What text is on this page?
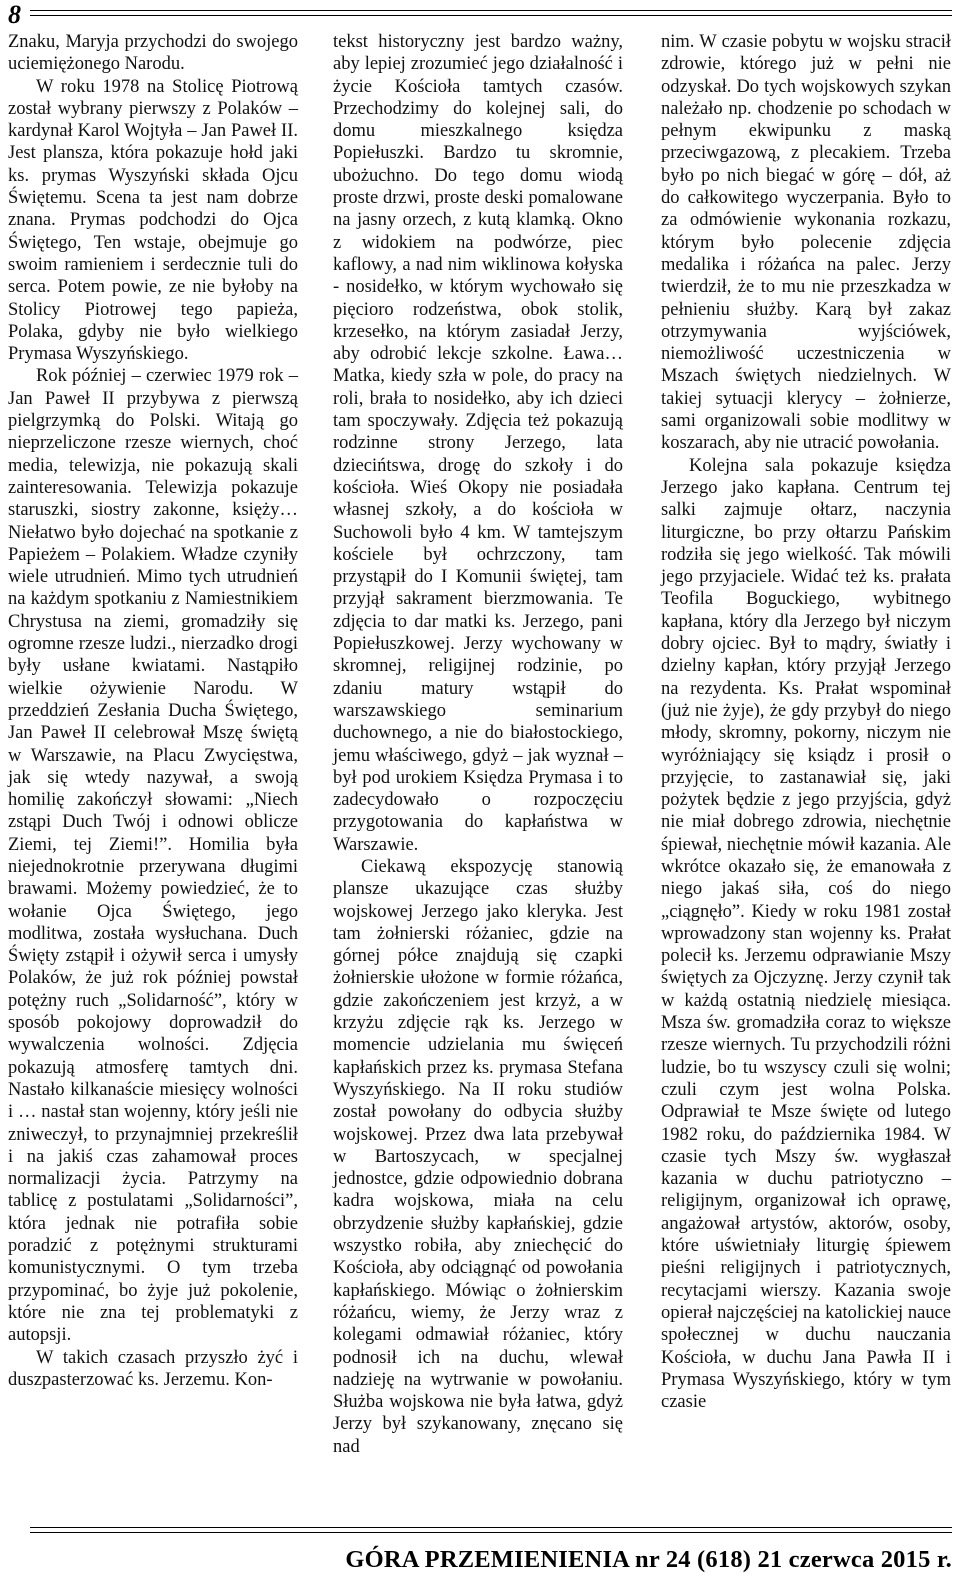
8

Znaku, Maryja przychodzi do swojego uciemiężonego Narodu.

W roku 1978 na Stolicę Piotrową został wybrany pierwszy z Polaków – kardynał Karol Wojtyła – Jan Paweł II. Jest plansza, która pokazuje hołd jaki ks. prymas Wyszyński składa Ojcu Świętemu. Scena ta jest nam dobrze znana. Prymas podchodzi do Ojca Świętego, Ten wstaje, obejmuje go swoim ramieniem i serdecznie tuli do serca. Potem powie, ze nie byłoby na Stolicy Piotrowej tego papieża, Polaka, gdyby nie było wielkiego Prymasa Wyszyńskiego.

Rok później – czerwiec 1979 rok – Jan Paweł II przybywa z pierwszą pielgrzymką do Polski. Witają go nieprzeliczone rzesze wiernych, choć media, telewizja, nie pokazują skali zainteresowania. Telewizja pokazuje staruszki, siostry zakonne, księży… Niełatwo było dojechać na spotkanie z Papieżem – Polakiem. Władze czyniły wiele utrudnień. Mimo tych utrudnień na każdym spotkaniu z Namiestnikiem Chrystusa na ziemi, gromadziły się ogromne rzesze ludzi., nierzadko drogi były usłane kwiatami. Nastąpiło wielkie ożywienie Narodu. W przeddzień Zesłania Ducha Świętego, Jan Paweł II celebrował Mszę świętą w Warszawie, na Placu Zwycięstwa, jak się wtedy nazywał, a swoją homilię zakończył słowami: „Niech zstąpi Duch Twój i odnowi oblicze Ziemi, tej Ziemi!”. Homilia była niejednokrotnie przerywana długimi brawami. Możemy powiedzieć, że to wołanie Ojca Świętego, jego modlitwa, została wysłuchana. Duch Święty zstąpił i ożywił serca i umysły Polaków, że już rok później powstał potężny ruch „Solidarność”, który w sposób pokojowy doprowadził do wywalczenia wolności. Zdjęcia pokazują atmosferę tamtych dni. Nastało kilkanaście miesięcy wolności i … nastał stan wojenny, który jeśli nie zniweczył, to przynajmniej przekreślił i na jakiś czas zahamował proces normalizacji życia. Patrzymy na tablicę z postulatami „Solidarności”, która jednak nie potrafiła sobie poradzić z potężnymi strukturami komunistycznymi. O tym trzeba przypominać, bo żyje już pokolenie, które nie zna tej problematyki z autopsji.

W takich czasach przyszło żyć i duszpasterzować ks. Jerzemu. Kon-

tekst historyczny jest bardzo ważny, aby lepiej zrozumieć jego działalność i życie Kościoła tamtych czasów. Przechodzimy do kolejnej sali, do domu mieszkalnego księdza Popiełuszki. Bardzo tu skromnie, ubożuchno. Do tego domu wiodą proste drzwi, proste deski pomalowane na jasny orzech, z kutą klamką. Okno z widokiem na podwórze, piec kaflowy, a nad nim wiklinowa kołyska - nosidełko, w którym wychowało się pięcioro rodzeństwa, obok stolik, krzesełko, na którym zasiadał Jerzy, aby odrobić lekcje szkolne. Ława… Matka, kiedy szła w pole, do pracy na roli, brała to nosidełko, aby ich dzieci tam spoczywały. Zdjęcia też pokazują rodzinne strony Jerzego, lata dziecińtswa, drogę do szkoły i do kościoła. Wieś Okopy nie posiadała własnej szkoły, a do kościoła w Suchowoli było 4 km. W tamtejszym kościele był ochrzczony, tam przystąpił do I Komunii świętej, tam przyjął sakrament bierzmowania. Te zdjęcia to dar matki ks. Jerzego, pani Popiełuszkowej. Jerzy wychowany w skromnej, religijnej rodzinie, po zdaniu matury wstąpił do warszawskiego seminarium duchownego, a nie do białostockiego, jemu właściwego, gdyż – jak wyznał – był pod urokiem Księdza Prymasa i to zadecydowało o rozpoczęciu przygotowania do kapłaństwa w Warszawie.

Ciekawą ekspozycję stanowią plansze ukazujące czas służby wojskowej Jerzego jako kleryka. Jest tam żołnierski różaniec, gdzie na górnej półce znajdują się czapki żołnierskie ułożone w formie różańca, gdzie zakończeniem jest krzyż, a w krzyżu zdjęcie rąk ks. Jerzego w momencie udzielania mu święceń kapłańskich przez ks. prymasa Stefana Wyszyńskiego. Na II roku studiów został powołany do odbycia służby wojskowej. Przez dwa lata przebywał w Bartoszycach, w specjalnej jednostce, gdzie odpowiednio dobrana kadra wojskowa, miała na celu obrzydzenie służby kapłańskiej, gdzie wszystko robiła, aby zniechęcić do Kościoła, aby odciągnąć od powołania kapłańskiego. Mówiąc o żołnierskim różańcu, wiemy, że Jerzy wraz z kolegami odmawiał różaniec, który podnosił ich na duchu, wlewał nadzieję na wytrwanie w powołaniu. Służba wojskowa nie była łatwa, gdyż Jerzy był szykanowany, znęcano się nad

nim. W czasie pobytu w wojsku stracił zdrowie, którego już w pełni nie odzyskał. Do tych wojskowych szykan należało np. chodzenie po schodach w pełnym ekwipunku z maską przeciwgazową, z plecakiem. Trzeba było po nich biegać w górę – dół, aż do całkowitego wyczerpania. Było to za odmówienie wykonania rozkazu, którym było polecenie zdjęcia medalika i różańca na palec. Jerzy twierdził, że to mu nie przeszkadza w pełnieniu służby. Karą był zakaz otrzymywania wyjściówek, niemożliwość uczestniczenia w Mszach świętych niedzielnych. W takiej sytuacji klerycy – żołnierze, sami organizowali sobie modlitwy w koszarach, aby nie utracić powołania.

Kolejna sala pokazuje księdza Jerzego jako kapłana. Centrum tej salki zajmuje ołtarz, naczynia liturgiczne, bo przy ołtarzu Pańskim rodziła się jego wielkość. Tak mówili jego przyjaciele. Widać też ks. prałata Teofila Boguckiego, wybitnego kapłana, który dla Jerzego był niczym dobry ojciec. Był to mądry, światły i dzielny kapłan, który przyjął Jerzego na rezydenta. Ks. Prałat wspominał (już nie żyje), że gdy przybył do niego młody, skromny, pokorny, niczym nie wyróżniający się ksiądz i prosił o przyjęcie, to zastanawiał się, jaki pożytek będzie z jego przyjścia, gdyż nie miał dobrego zdrowia, niechętnie śpiewał, niechętnie mówił kazania. Ale wkrótce okazało się, że emanowała z niego jakaś siła, coś do niego „ciągnęło”. Kiedy w roku 1981 został wprowadzony stan wojenny ks. Prałat polecił ks. Jerzemu odprawianie Mszy świętych za Ojczyznę. Jerzy czynił tak w każdą ostatnią niedzielę miesiąca. Msza św. gromadziła coraz to większe rzesze wiernych. Tu przychodzili różni ludzie, bo tu wszyscy czuli się wolni; czuli czym jest wolna Polska. Odprawiał te Msze święte od lutego 1982 roku, do października 1984. W czasie tych Mszy św. wygłaszał kazania w duchu patriotyczno – religijnym, organizował ich oprawę, angażował artystów, aktorów, osoby, które uświetniały liturgię śpiewem pieśni religijnych i patriotycznych, recytacjami wierszy. Kazania swoje opierał najczęściej na katolickiej nauce społecznej w duchu nauczania Kościoła, w duchu Jana Pawła II i Prymasa Wyszyńskiego, który w tym czasie

GÓRA PRZEMIENIENIA nr 24 (618) 21 czerwca 2015 r.
